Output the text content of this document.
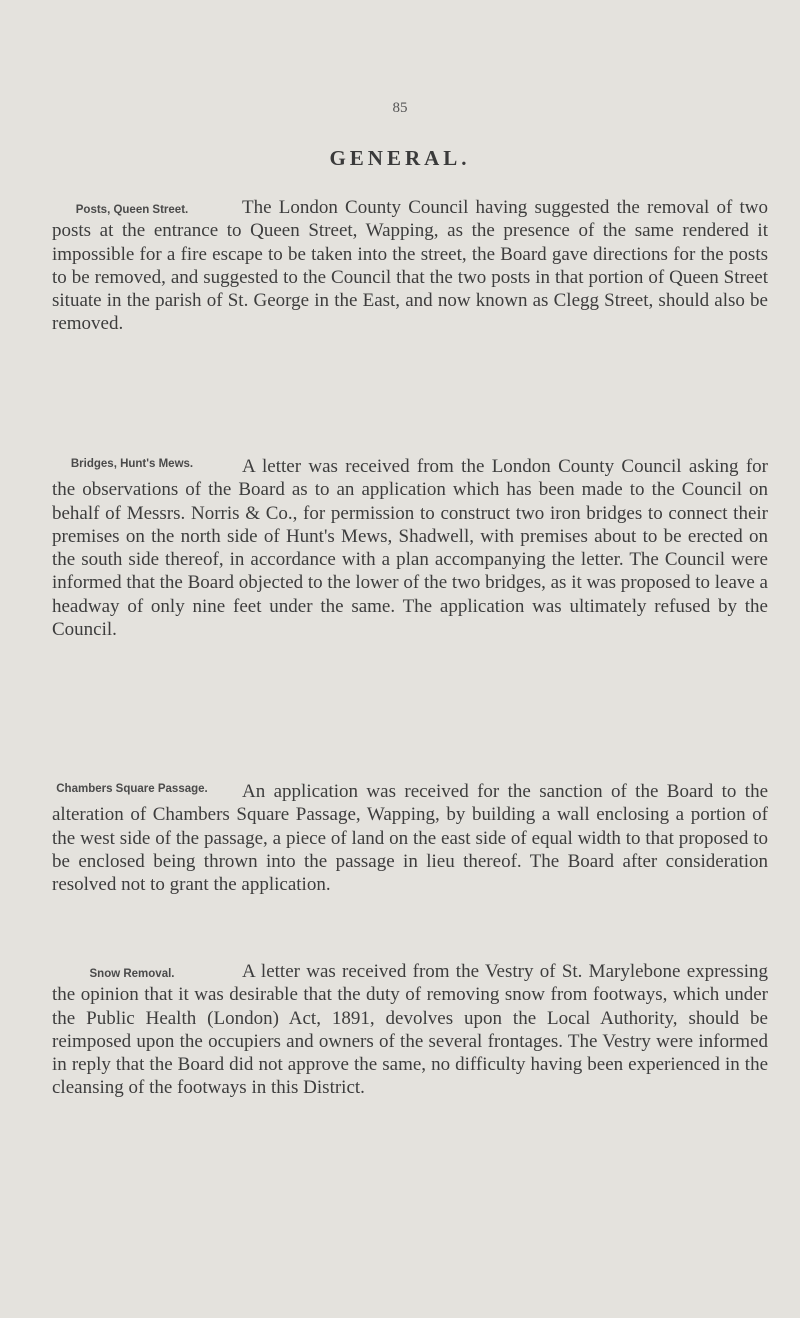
85
GENERAL.
Posts, Queen Street.	The London County Council having suggested the removal of two posts at the entrance to Queen Street, Wapping, as the presence of the same rendered it impossible for a fire escape to be taken into the street, the Board gave directions for the posts to be removed, and suggested to the Council that the two posts in that portion of Queen Street situate in the parish of St. George in the East, and now known as Clegg Street, should also be removed.
Bridges, Hunt's Mews.	A letter was received from the London County Council asking for the observations of the Board as to an application which has been made to the Council on behalf of Messrs. Norris & Co., for permission to construct two iron bridges to connect their premises on the north side of Hunt's Mews, Shadwell, with premises about to be erected on the south side thereof, in accordance with a plan accompanying the letter. The Council were informed that the Board objected to the lower of the two bridges, as it was proposed to leave a headway of only nine feet under the same. The application was ultimately refused by the Council.
Chambers Square Passage.	An application was received for the sanction of the Board to the alteration of Chambers Square Passage, Wapping, by building a wall enclosing a portion of the west side of the passage, a piece of land on the east side of equal width to that proposed to be enclosed being thrown into the passage in lieu thereof. The Board after consideration resolved not to grant the application.
Snow Removal.	A letter was received from the Vestry of St. Marylebone expressing the opinion that it was desirable that the duty of removing snow from footways, which under the Public Health (London) Act, 1891, devolves upon the Local Authority, should be reimposed upon the occupiers and owners of the several frontages. The Vestry were informed in reply that the Board did not approve the same, no difficulty having been experienced in the cleansing of the footways in this District.
